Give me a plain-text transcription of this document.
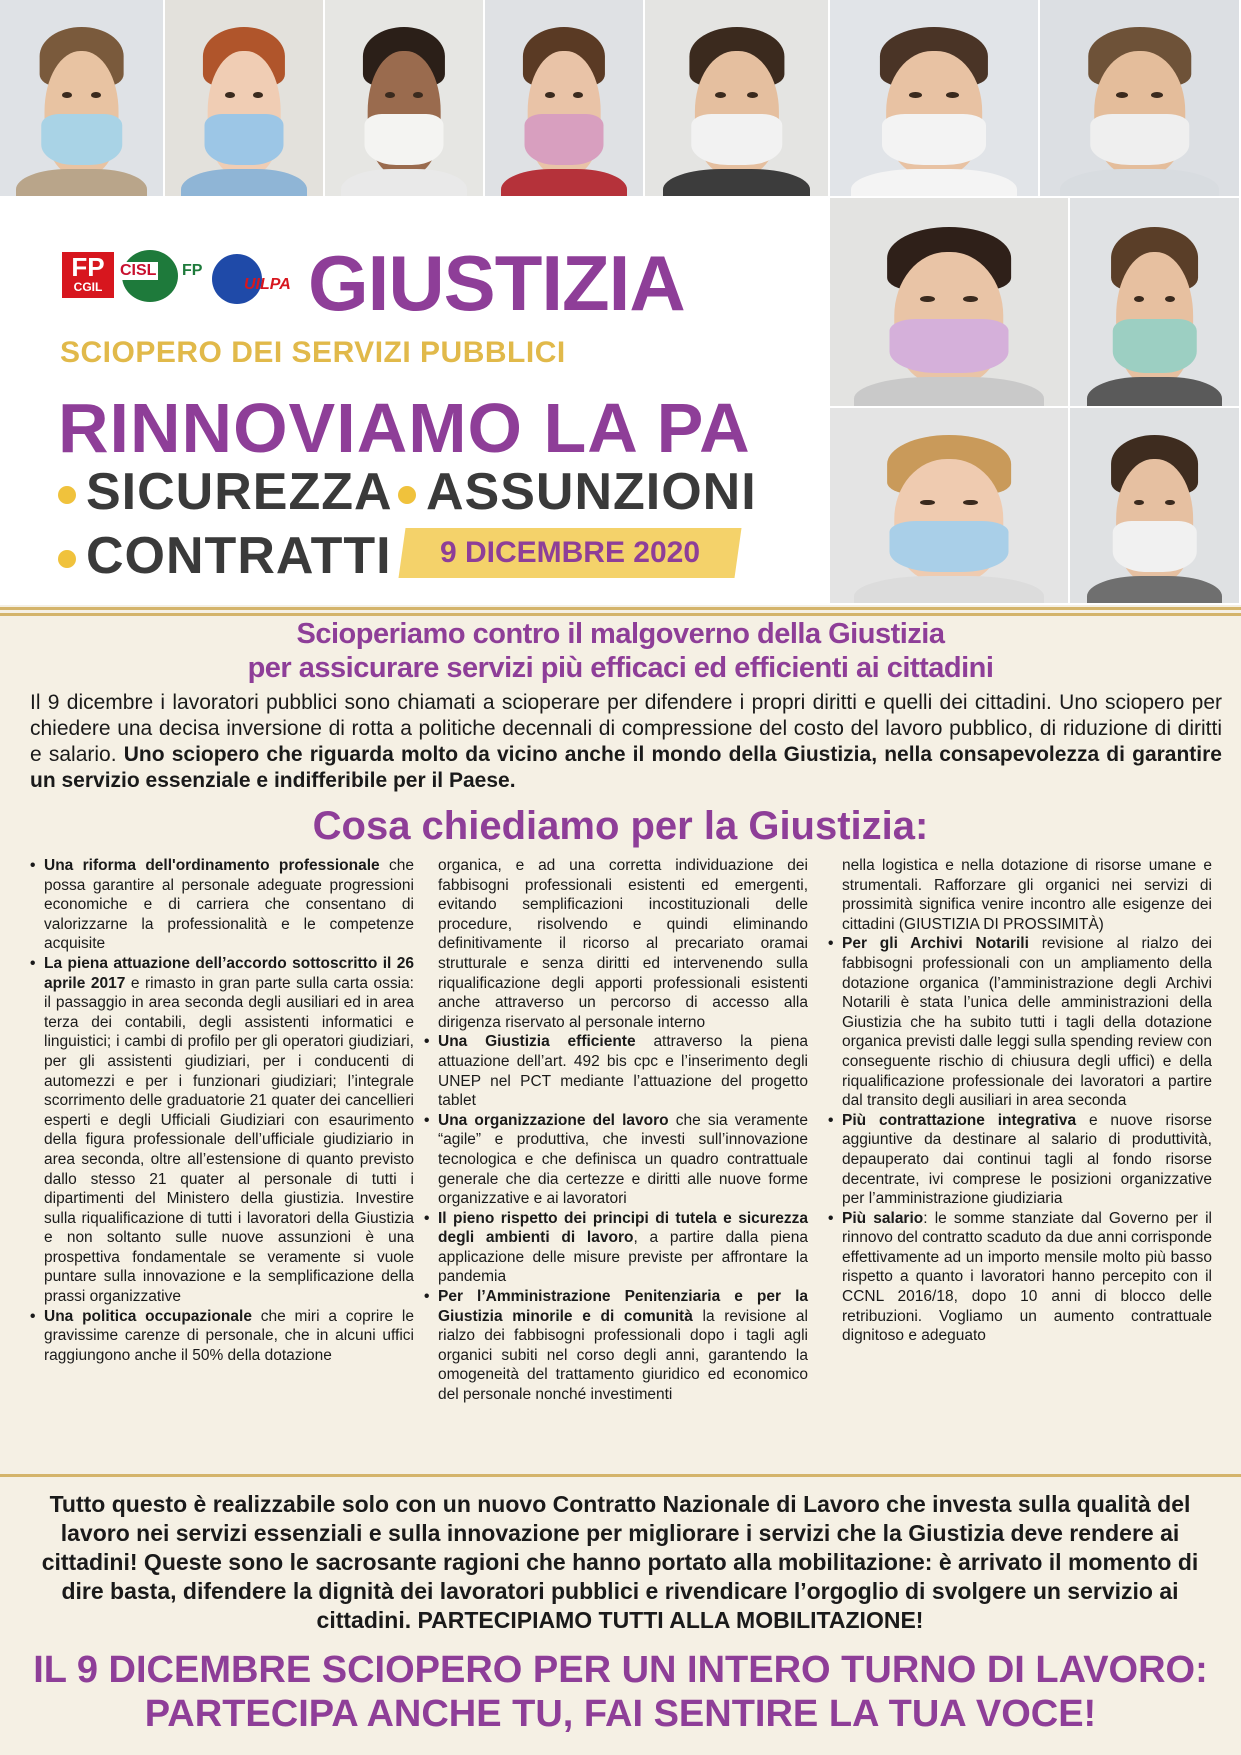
FP
CGIL
CISL FP
UILPA GIUSTIZIA
SCIOPERO DEI SERVIZI PUBBLICI
RINNOVIAMO LA PA
SICUREZZA ASSUNZIONI
CONTRATTI	9 DICEMBRE 2020
Scioperiamo contro il malgoverno della Giustizia
per assicurare servizi più efficaci ed efficienti ai cittadini
Il 9 dicembre i lavoratori pubblici sono chiamati a scioperare per difendere i propri diritti e quelli dei cittadini. Uno sciopero per chiedere una decisa inversione di rotta a politiche decennali di compressione del costo del lavoro pubblico, di riduzione di diritti e salario. Uno sciopero che riguarda molto da vicino anche il mondo della Giustizia, nella consapevolezza di garantire un servizio essenziale e indifferibile per il Paese.
Cosa chiediamo per la Giustizia:
• Una riforma dell'ordinamento professionale che possa garantire al personale adeguate progressioni economiche e di carriera che consentano di valorizzarne la professionalità e le competenze acquisite
• La piena attuazione dell’accordo sottoscritto il 26 aprile 2017 e rimasto in gran parte sulla carta ossia: il passaggio in area seconda degli ausiliari ed in area terza dei contabili, degli assistenti informatici e linguistici; i cambi di profilo per gli operatori giudiziari, per gli assistenti giudiziari, per i conducenti di automezzi e per i funzionari giudiziari; l’integrale scorrimento delle graduatorie 21 quater dei cancellieri esperti e degli Ufficiali Giudiziari con esaurimento della figura professionale dell’ufficiale giudiziario in area seconda, oltre all’estensione di quanto previsto dallo stesso 21 quater al personale di tutti i dipartimenti del Ministero della giustizia. Investire sulla riqualificazione di tutti i lavoratori della Giustizia e non soltanto sulle nuove assunzioni è una prospettiva fondamentale se veramente si vuole puntare sulla innovazione e la semplificazione della prassi organizzative
• Una politica occupazionale che miri a coprire le gravissime carenze di personale, che in alcuni uffici raggiungono anche il 50% della dotazione
organica, e ad una corretta individuazione dei fabbisogni professionali esistenti ed emergenti, evitando semplificazioni incostituzionali delle procedure, risolvendo e quindi eliminando definitivamente il ricorso al precariato oramai strutturale e senza diritti ed intervenendo sulla riqualificazione degli apporti professionali esistenti anche attraverso un percorso di accesso alla dirigenza riservato al personale interno
• Una Giustizia efficiente attraverso la piena attuazione dell’art. 492 bis cpc e l’inserimento degli UNEP nel PCT mediante l’attuazione del progetto tablet
• Una organizzazione del lavoro che sia veramente “agile” e produttiva, che investi sull’innovazione tecnologica e che definisca un quadro contrattuale generale che dia certezze e diritti alle nuove forme organizzative e ai lavoratori
• Il pieno rispetto dei principi di tutela e sicurezza degli ambienti di lavoro, a partire dalla piena applicazione delle misure previste per affrontare la pandemia
• Per l’Amministrazione Penitenziaria e per la Giustizia minorile e di comunità la revisione al rialzo dei fabbisogni professionali dopo i tagli agli organici subiti nel corso degli anni, garantendo la omogeneità del trattamento giuridico ed economico del personale nonché investimenti
nella logistica e nella dotazione di risorse umane e strumentali. Rafforzare gli organici nei servizi di prossimità significa venire incontro alle esigenze dei cittadini (GIUSTIZIA DI PROSSIMITÀ)
• Per gli Archivi Notarili revisione al rialzo dei fabbisogni professionali con un ampliamento della dotazione organica (l’amministrazione degli Archivi Notarili è stata l’unica delle amministrazioni della Giustizia che ha subito tutti i tagli della dotazione organica previsti dalle leggi sulla spending review con conseguente rischio di chiusura degli uffici) e della riqualificazione professionale dei lavoratori a partire dal transito degli ausiliari in area seconda
• Più contrattazione integrativa e nuove risorse aggiuntive da destinare al salario di produttività, depauperato dai continui tagli al fondo risorse decentrate, ivi comprese le posizioni organizzative per l’amministrazione giudiziaria
• Più salario: le somme stanziate dal Governo per il rinnovo del contratto scaduto da due anni corrisponde effettivamente ad un importo mensile molto più basso rispetto a quanto i lavoratori hanno percepito con il CCNL 2016/18, dopo 10 anni di blocco delle retribuzioni. Vogliamo un aumento contrattuale dignitoso e adeguato
Tutto questo è realizzabile solo con un nuovo Contratto Nazionale di Lavoro che investa sulla qualità del lavoro nei servizi essenziali e sulla innovazione per migliorare i servizi che la Giustizia deve rendere ai cittadini! Queste sono le sacrosante ragioni che hanno portato alla mobilitazione: è arrivato il momento di dire basta, difendere la dignità dei lavoratori pubblici e rivendicare l’orgoglio di svolgere un servizio ai cittadini. PARTECIPIAMO TUTTI ALLA MOBILITAZIONE!
IL 9 DICEMBRE SCIOPERO PER UN INTERO TURNO DI LAVORO:
PARTECIPA ANCHE TU, FAI SENTIRE LA TUA VOCE!
